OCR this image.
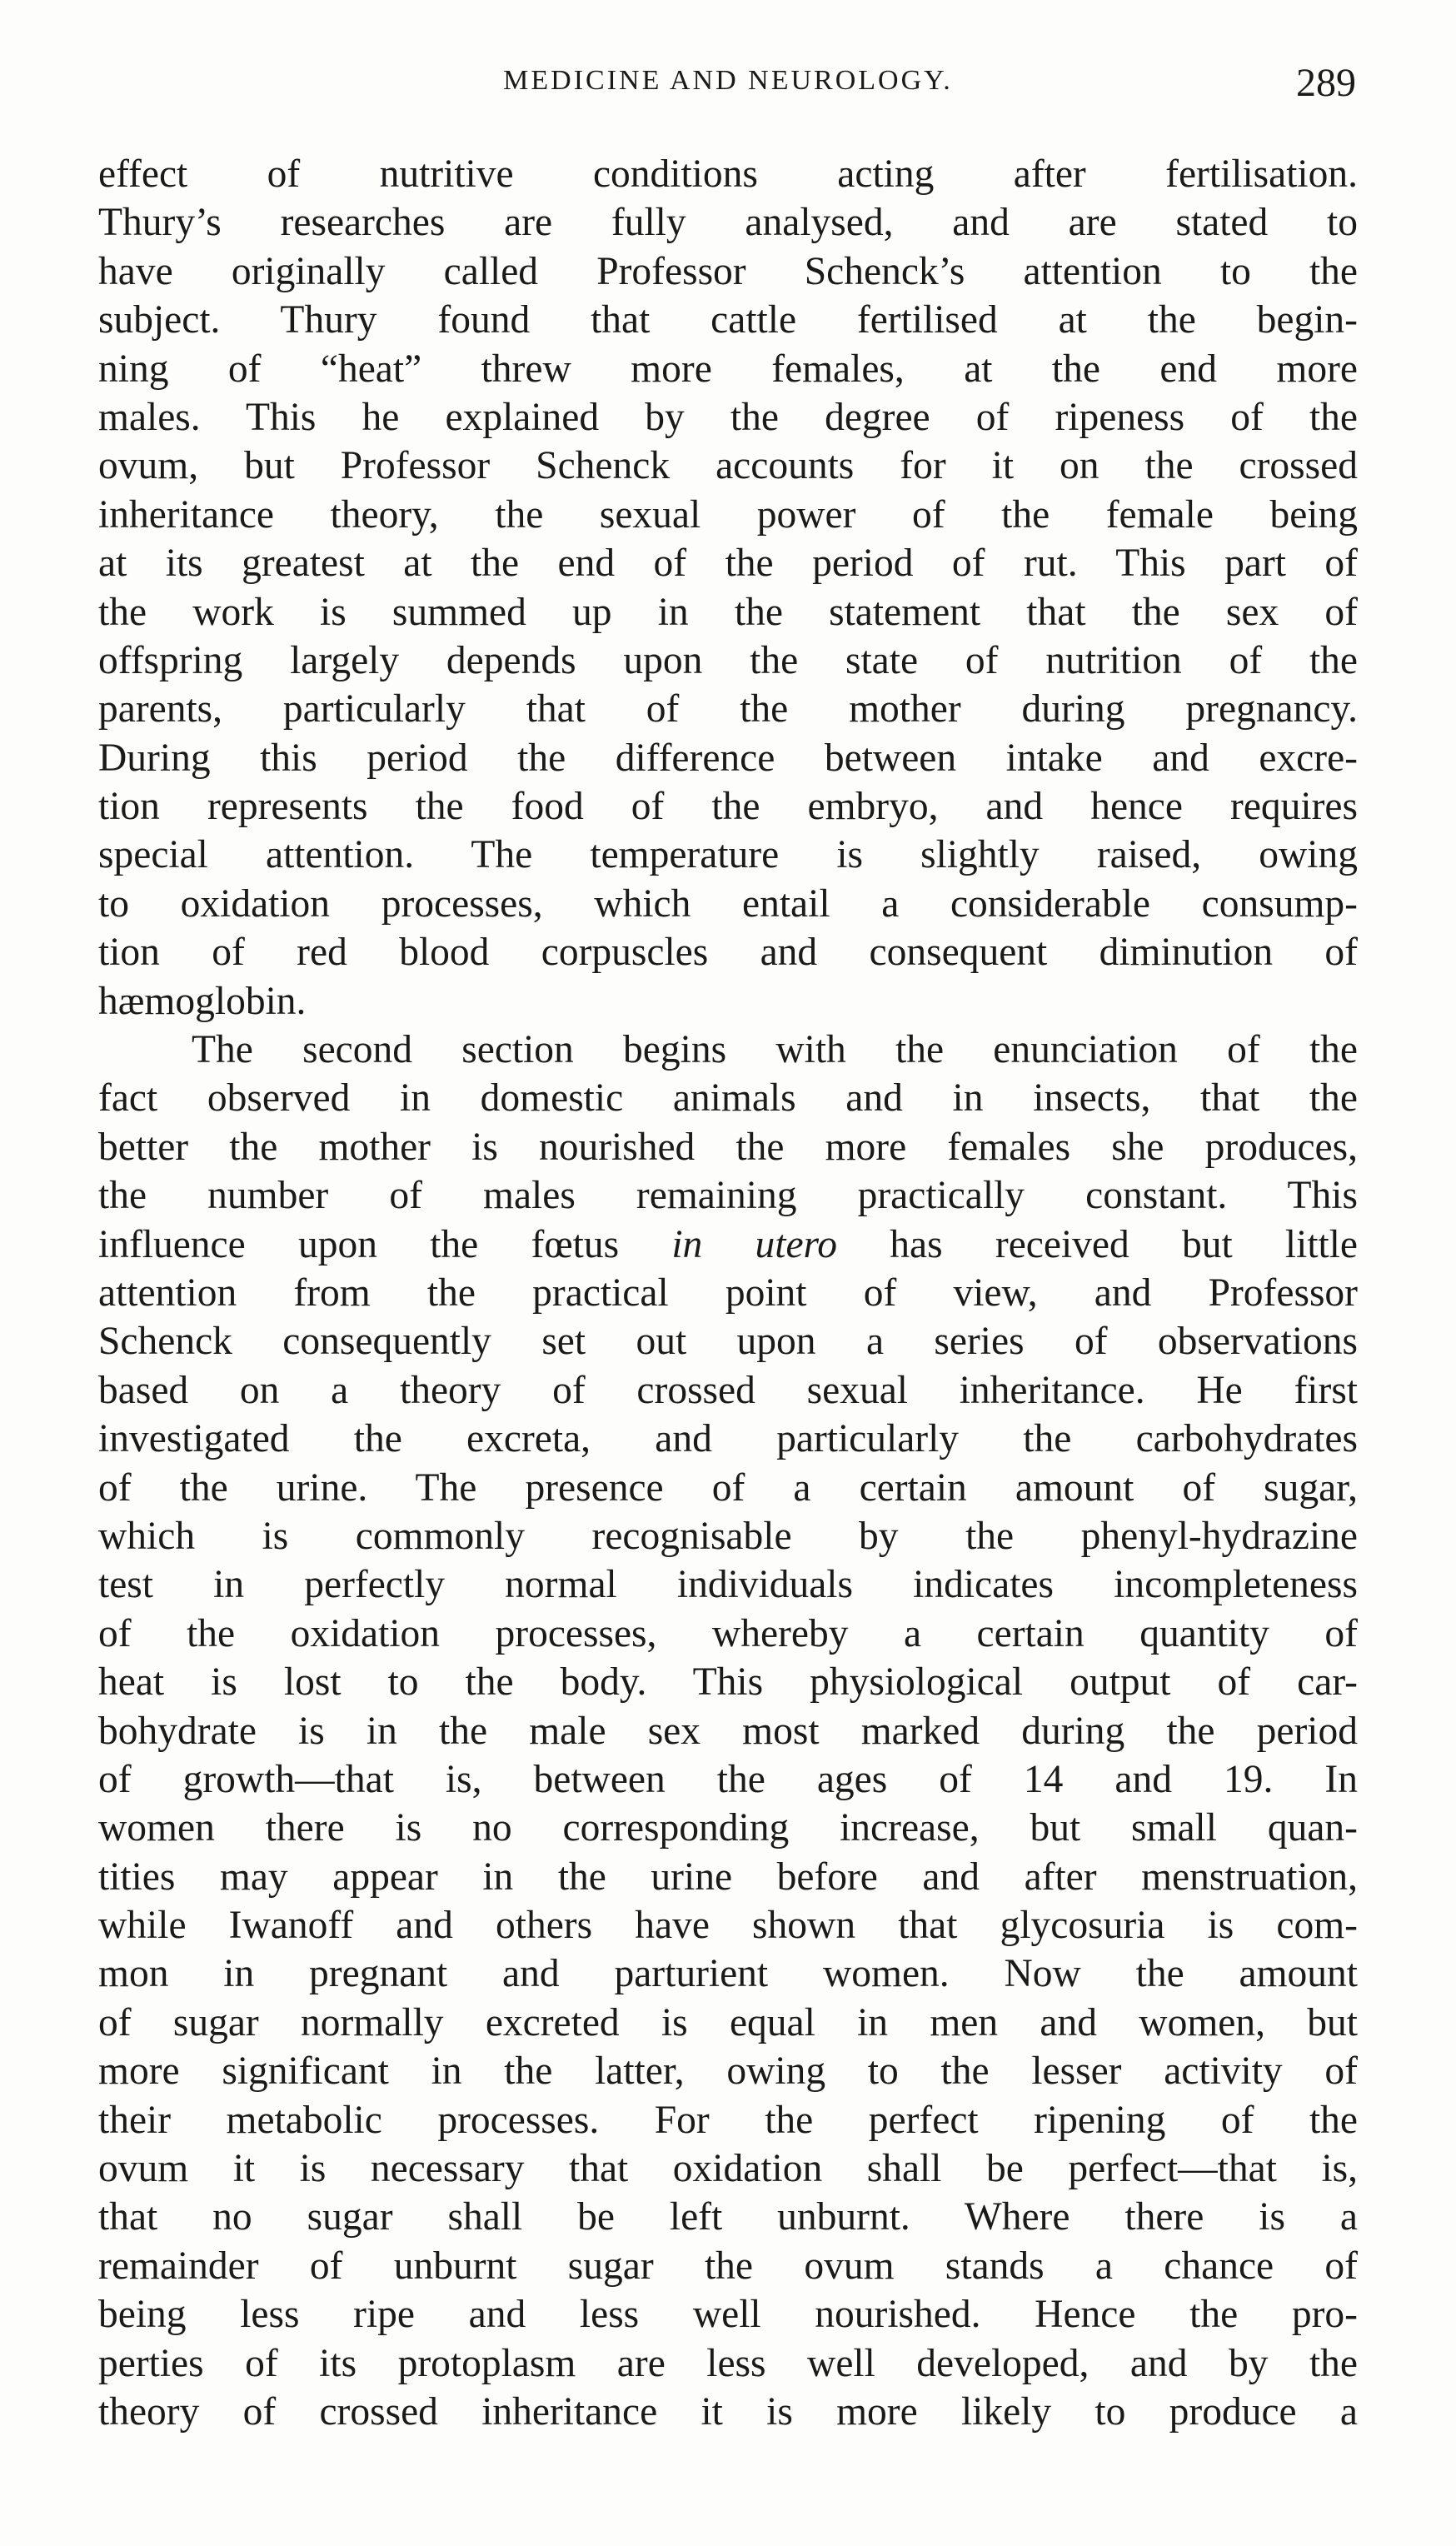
MEDICINE AND NEUROLOGY.	289
effect of nutritive conditions acting after fertilisation.
Thury’s researches are fully analysed, and are stated to
have originally called Professor Schenck’s attention to the
subject. Thury found that cattle fertilised at the begin-
ning of “heat” threw more females, at the end more
males. This he explained by the degree of ripeness of the
ovum, but Professor Schenck accounts for it on the crossed
inheritance theory, the sexual power of the female being
at its greatest at the end of the period of rut. This part of
the work is summed up in the statement that the sex of
offspring largely depends upon the state of nutrition of the
parents, particularly that of the mother during pregnancy.
During this period the difference between intake and excre-
tion represents the food of the embryo, and hence requires
special attention. The temperature is slightly raised, owing
to oxidation processes, which entail a considerable consump-
tion of red blood corpuscles and consequent diminution of
hæmoglobin.
The second section begins with the enunciation of the
fact observed in domestic animals and in insects, that the
better the mother is nourished the more females she produces,
the number of males remaining practically constant. This
influence upon the fœtus in utero has received but little
attention from the practical point of view, and Professor
Schenck consequently set out upon a series of observations
based on a theory of crossed sexual inheritance. He first
investigated the excreta, and particularly the carbohydrates
of the urine. The presence of a certain amount of sugar,
which is commonly recognisable by the phenyl-hydrazine
test in perfectly normal individuals indicates incompleteness
of the oxidation processes, whereby a certain quantity of
heat is lost to the body. This physiological output of car-
bohydrate is in the male sex most marked during the period
of growth—that is, between the ages of 14 and 19. In
women there is no corresponding increase, but small quan-
tities may appear in the urine before and after menstruation,
while Iwanoff and others have shown that glycosuria is com-
mon in pregnant and parturient women. Now the amount
of sugar normally excreted is equal in men and women, but
more significant in the latter, owing to the lesser activity of
their metabolic processes. For the perfect ripening of the
ovum it is necessary that oxidation shall be perfect—that is,
that no sugar shall be left unburnt. Where there is a
remainder of unburnt sugar the ovum stands a chance of
being less ripe and less well nourished. Hence the pro-
perties of its protoplasm are less well developed, and by the
theory of crossed inheritance it is more likely to produce a
